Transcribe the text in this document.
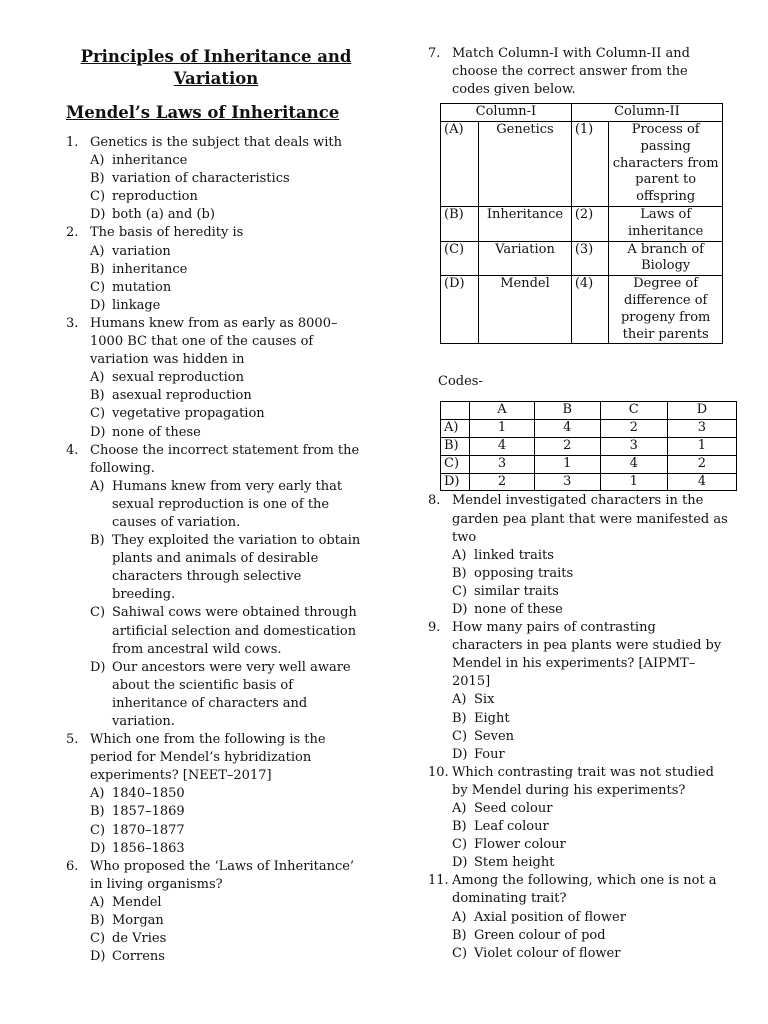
Principles of Inheritance and Variation
Mendel’s Laws of Inheritance
1. Genetics is the subject that deals with
A) inheritance
B) variation of characteristics
C) reproduction
D) both (a) and (b)
2. The basis of heredity is
A) variation
B) inheritance
C) mutation
D) linkage
3. Humans knew from as early as 8000–1000 BC that one of the causes of variation was hidden in
A) sexual reproduction
B) asexual reproduction
C) vegetative propagation
D) none of these
4. Choose the incorrect statement from the following.
A) Humans knew from very early that sexual reproduction is one of the causes of variation.
B) They exploited the variation to obtain plants and animals of desirable characters through selective breeding.
C) Sahiwal cows were obtained through artificial selection and domestication from ancestral wild cows.
D) Our ancestors were very well aware about the scientific basis of inheritance of characters and variation.
5. Which one from the following is the period for Mendel’s hybridization experiments? [NEET–2017]
A) 1840–1850
B) 1857–1869
C) 1870–1877
D) 1856–1863
6. Who proposed the ‘Laws of Inheritance’ in living organisms?
A) Mendel
B) Morgan
C) de Vries
D) Correns
7. Match Column-I with Column-II and choose the correct answer from the codes given below.
Column-I		Column-II	
(A)	Genetics	(1)	Process of passing characters from parent to offspring
(B)	Inheritance	(2)	Laws of inheritance
(C)	Variation	(3)	A branch of Biology
(D)	Mendel	(4)	Degree of difference of progeny from their parents
Codes-
	A	B	C	D
A)	1	4	2	3
B)	4	2	3	1
C)	3	1	4	2
D)	2	3	1	4
8. Mendel investigated characters in the garden pea plant that were manifested as two
A) linked traits
B) opposing traits
C) similar traits
D) none of these
9. How many pairs of contrasting characters in pea plants were studied by Mendel in his experiments? [AIPMT–2015]
A) Six
B) Eight
C) Seven
D) Four
10. Which contrasting trait was not studied by Mendel during his experiments?
A) Seed colour
B) Leaf colour
C) Flower colour
D) Stem height
11. Among the following, which one is not a dominating trait?
A) Axial position of flower
B) Green colour of pod
C) Violet colour of flower
